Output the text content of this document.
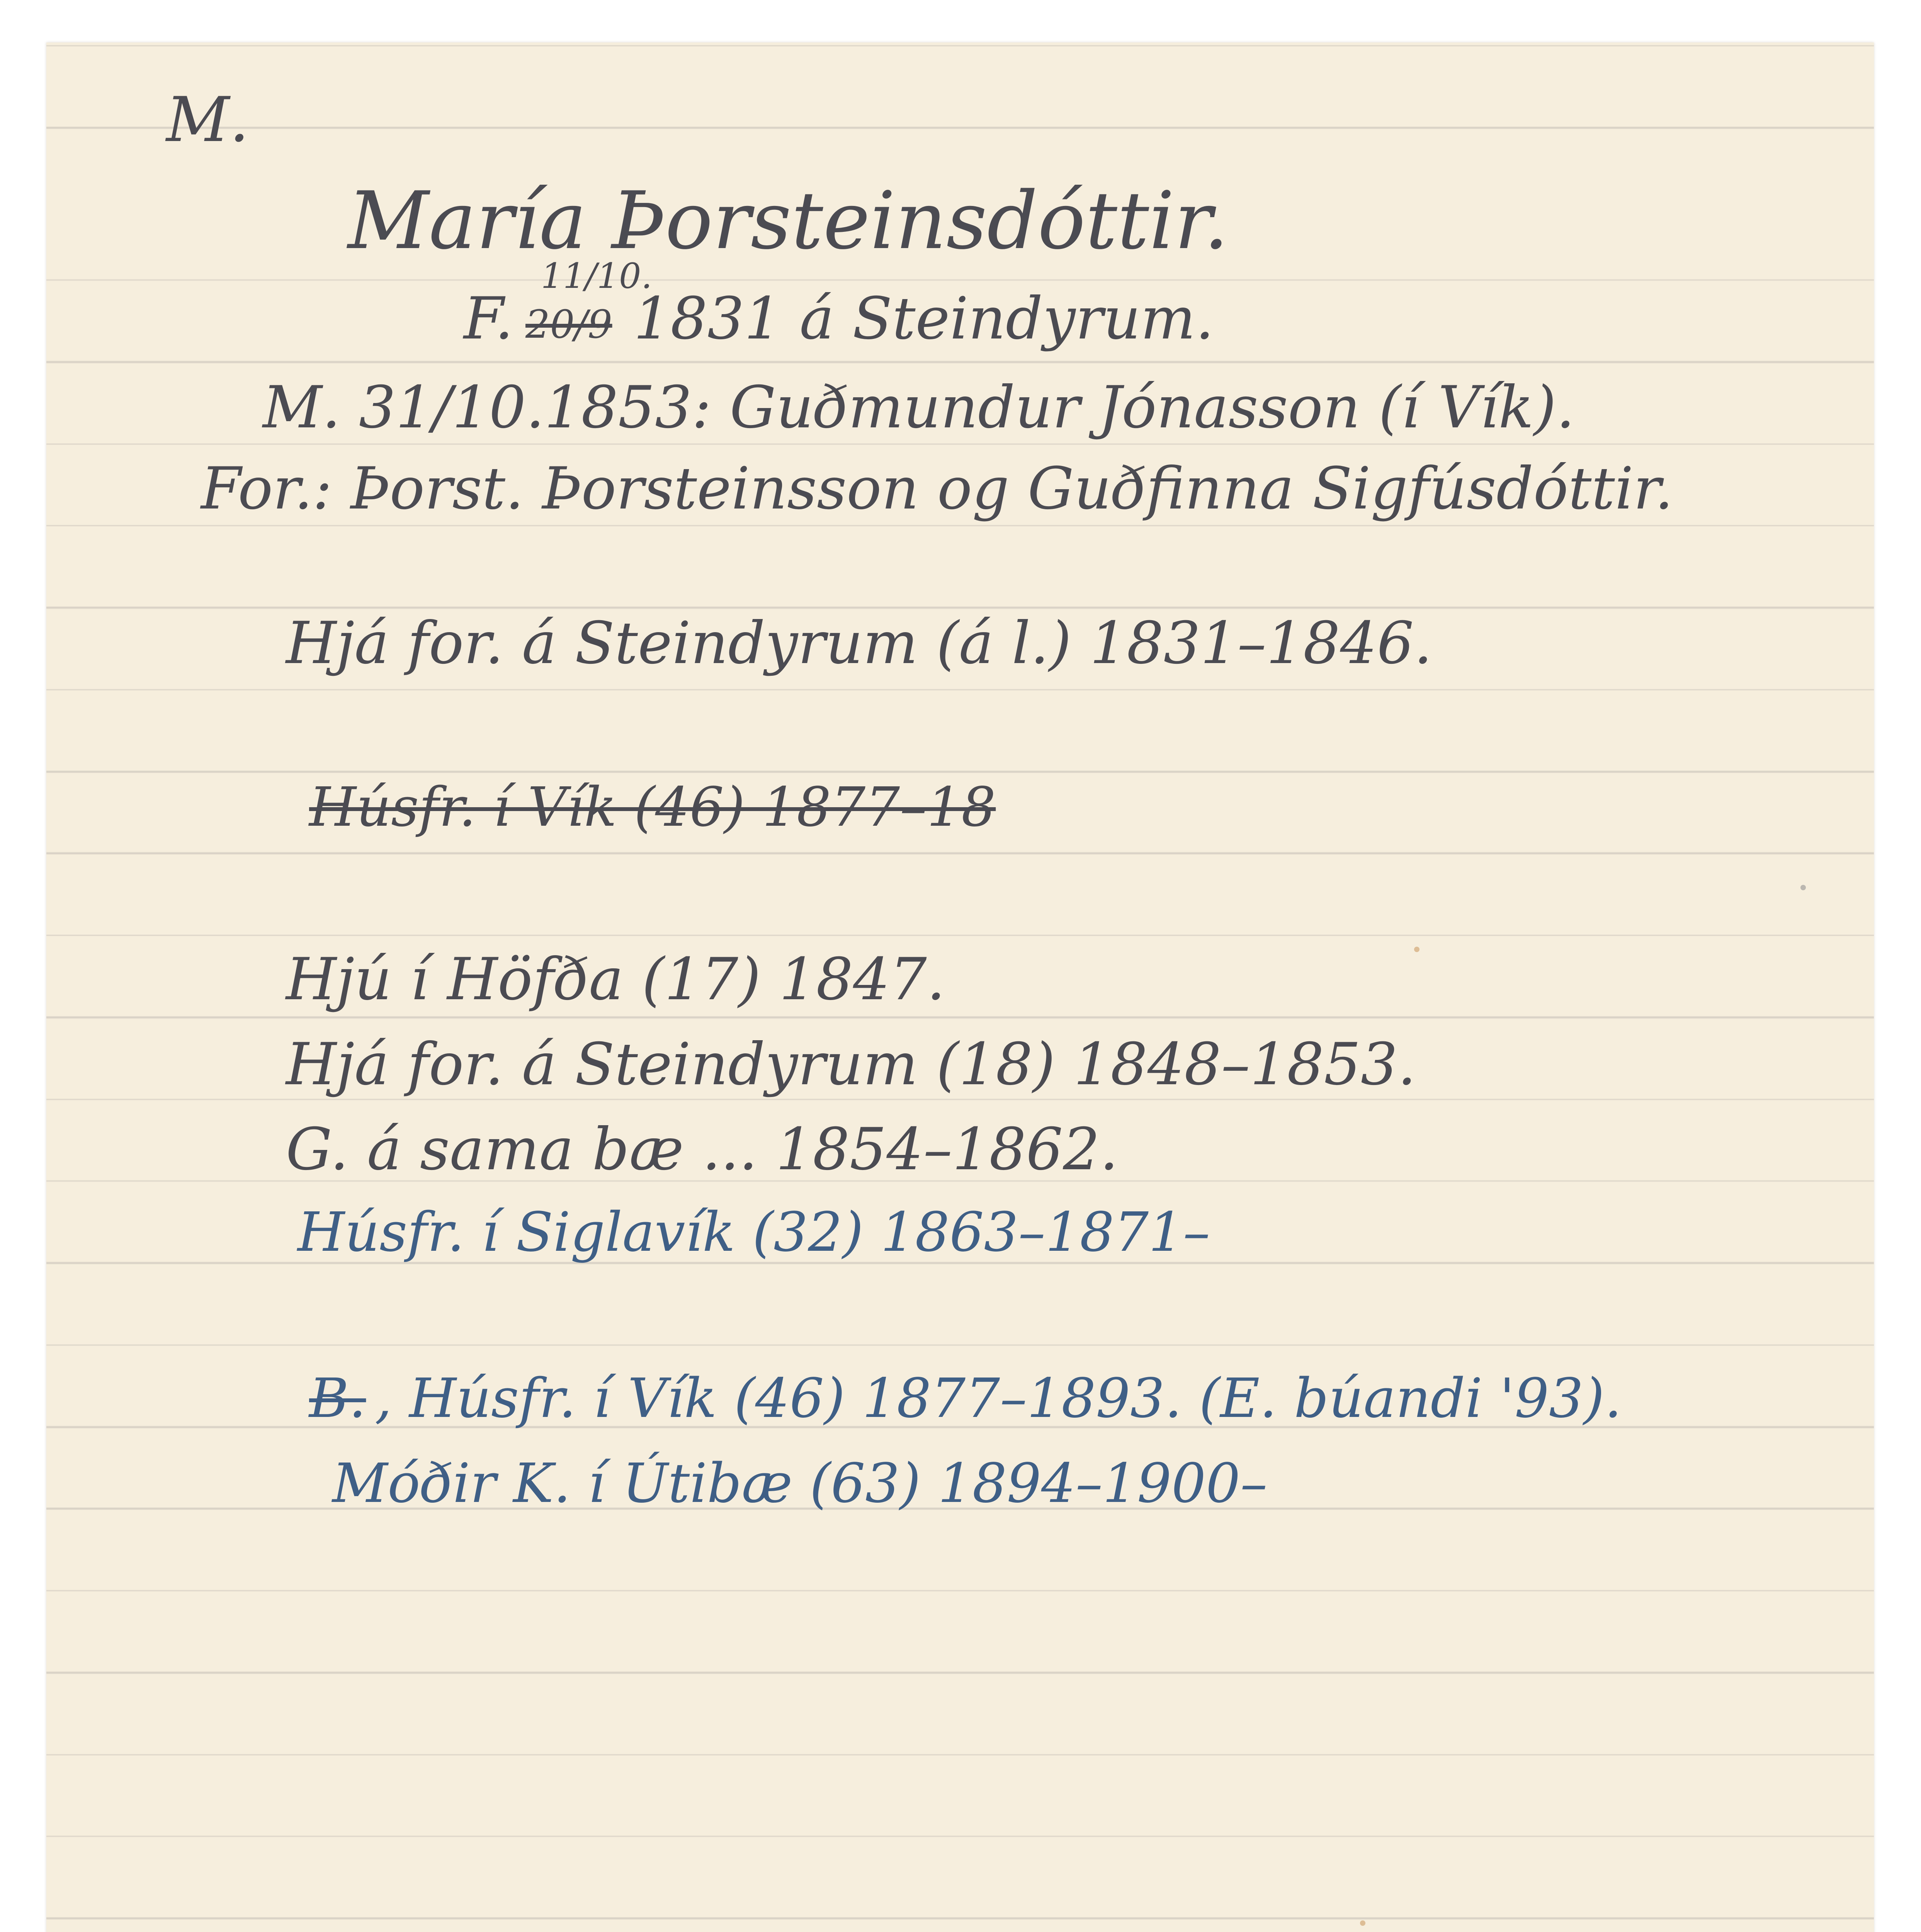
M.
María Þorsteinsdóttir.
F. 20/9
11/10.
1831 á Steindyrum.
M. 31/10.1853: Guðmundur Jónasson (í Vík).
For.: Þorst. Þorsteinsson og Guðfinna Sigfúsdóttir.
Hjá for. á Steindyrum (á l.) 1831–1846.
Húsfr. í Vík (46) 1877–18
Hjú í Höfða (17) 1847.
Hjá for. á Steindyrum (18) 1848–1853.
G. á sama bæ ... 1854–1862.
Húsfr. í Siglavík (32) 1863–1871–
B. , Húsfr. í Vík (46) 1877–1893. (E. búandi '93).
Móðir K. í Útibæ (63) 1894–1900–
